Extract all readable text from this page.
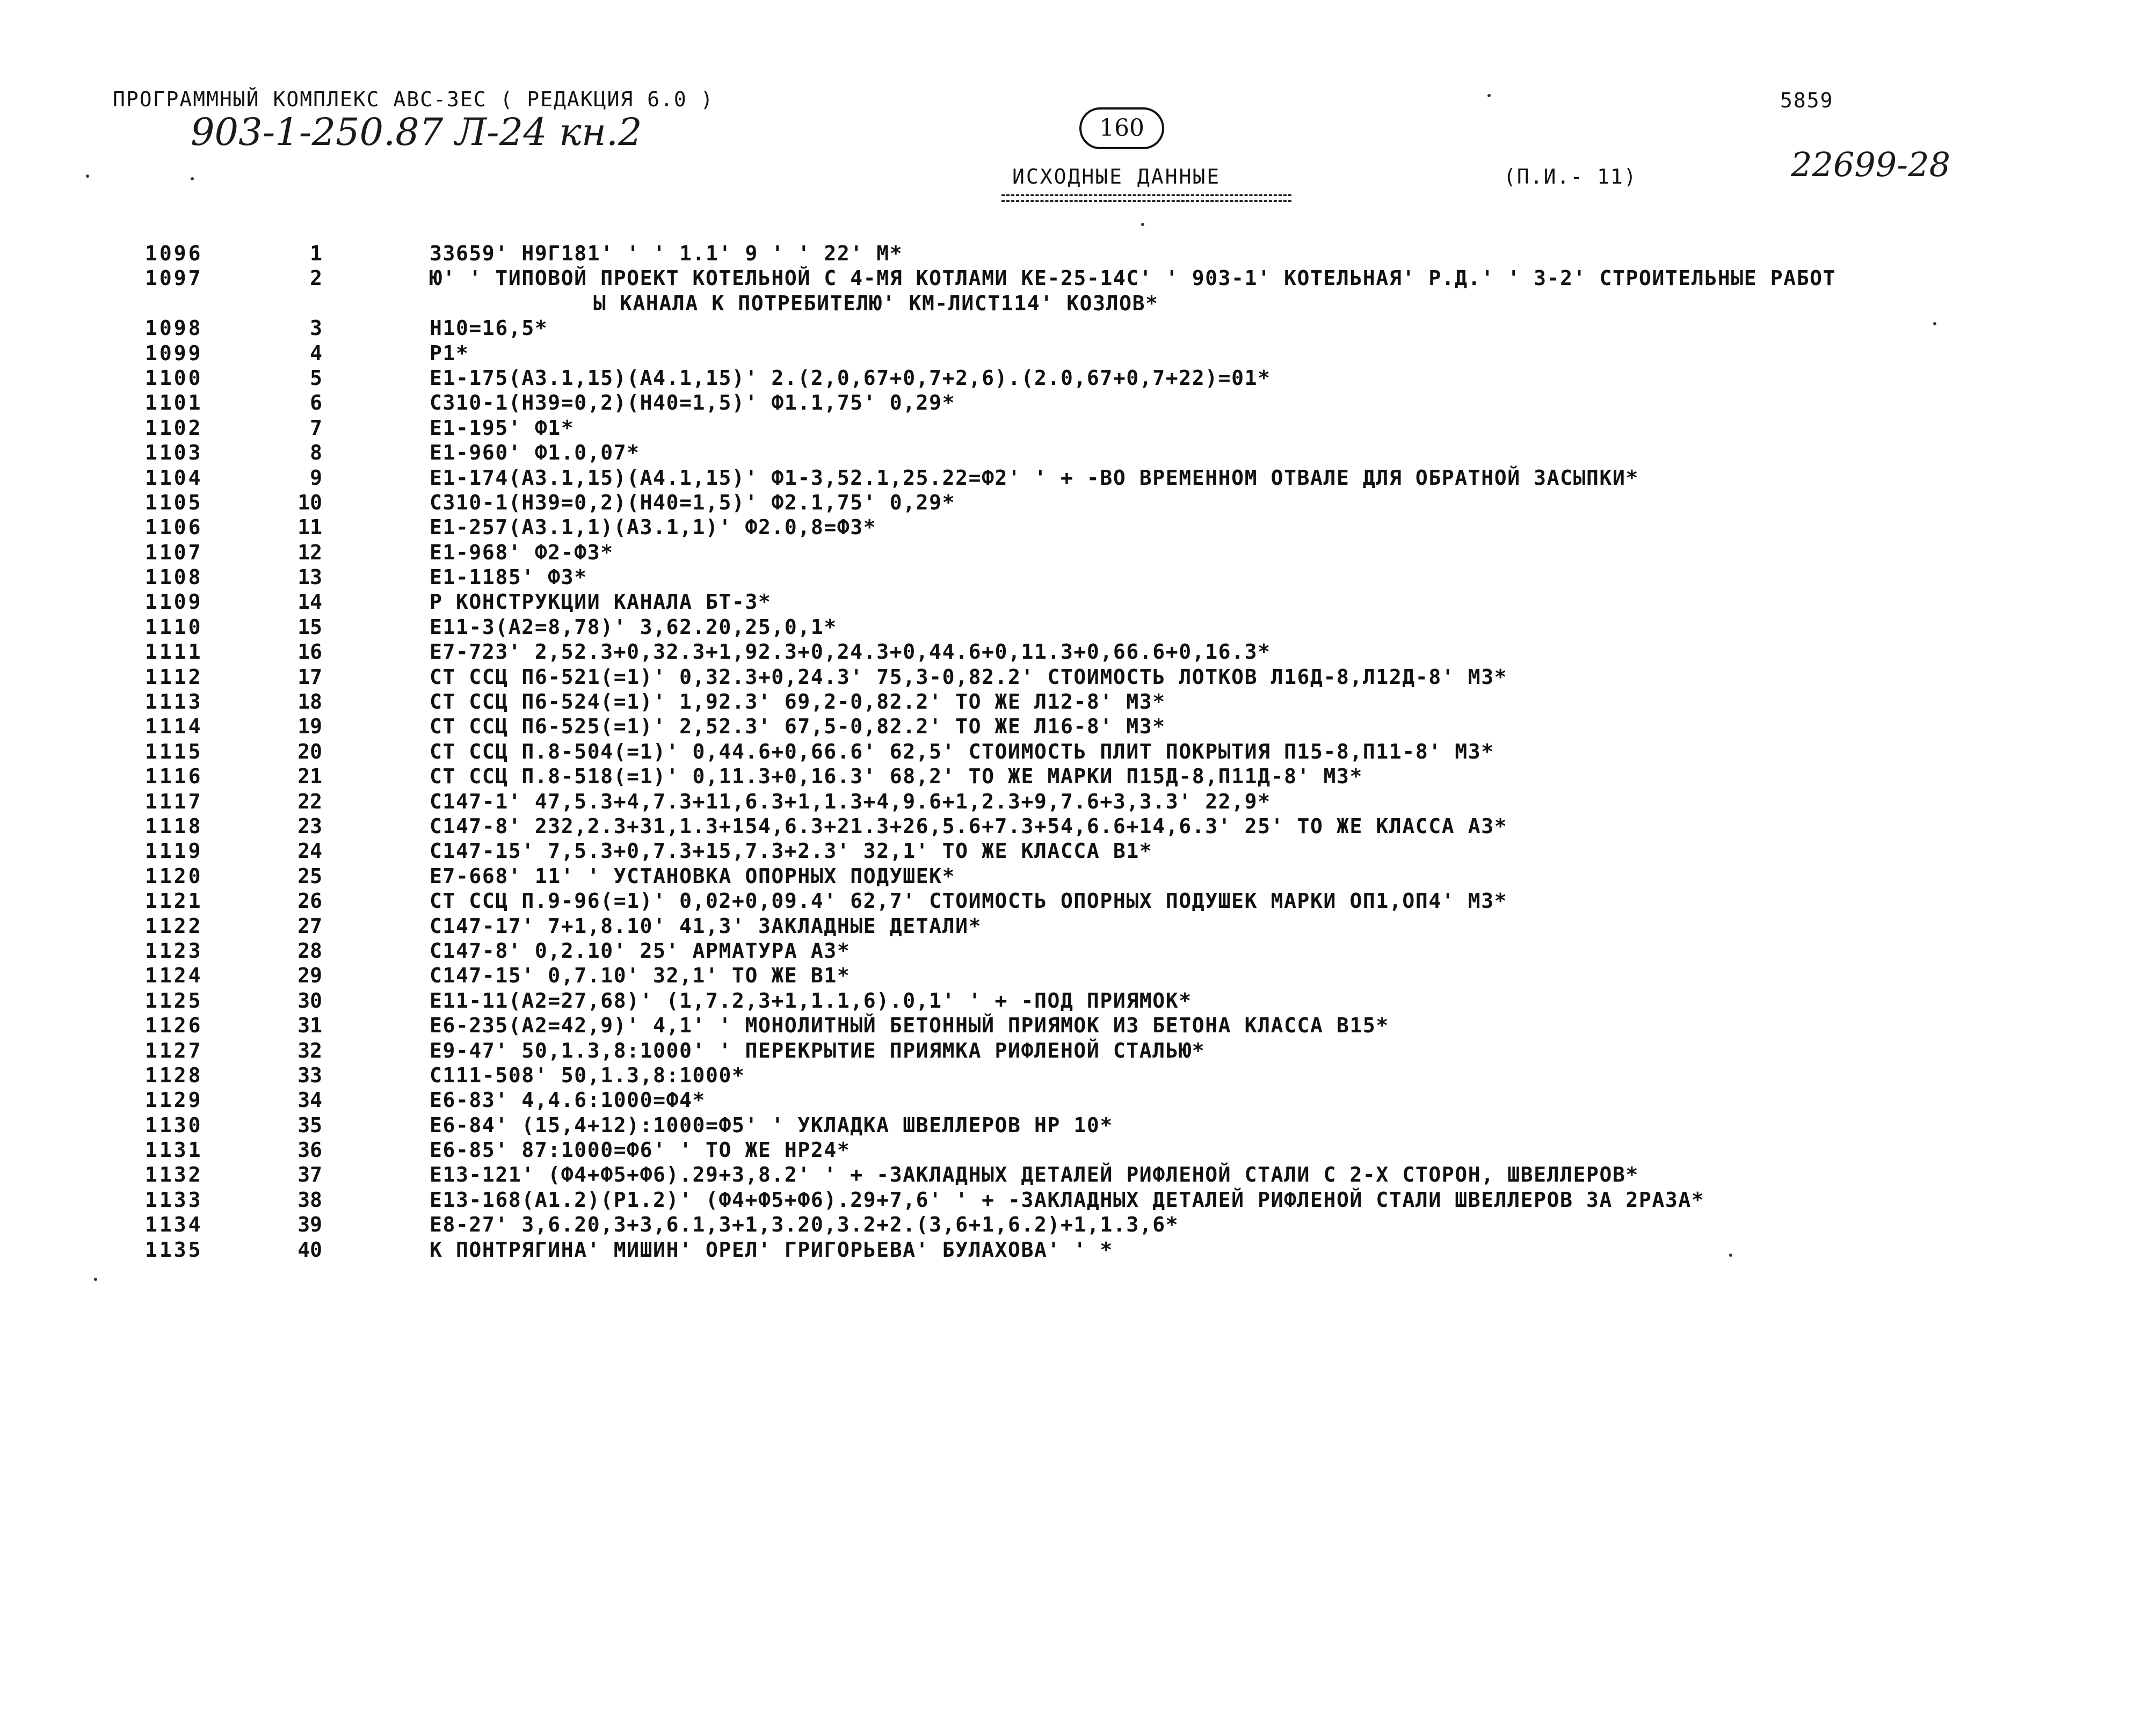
ПРОГРАММНЫЙ КОМПЛЕКС АВС-3ЕС ( РЕДАКЦИЯ 6.0 )
903-1-250.87 Л-24 кн.2	160
5859
22699-28
ИСХОДНЫЕ ДАННЫЕ	(П.И.- 11)
1096	1	33659' Н9Г181' ' ' 1.1' 9 ' ' 22' М*
1097	2	Ю' ' ТИПОВОЙ ПРОЕКТ КОТЕЛЬНОЙ С 4-МЯ КОТЛАМИ КЕ-25-14С' ' 903-1' КОТЕЛЬНАЯ' Р.Д.' ' 3-2' СТРОИТЕЛЬНЫЕ РАБОТ
Ы КАНАЛА К ПОТРЕБИТЕЛЮ' КМ-ЛИСТ114' КОЗЛОВ*
1098	3	Н10=16,5*
1099	4	Р1*
1100	5	Е1-175(А3.1,15)(А4.1,15)' 2.(2,0,67+0,7+2,6).(2.0,67+0,7+22)=01*
1101	6	С310-1(Н39=0,2)(Н40=1,5)' Ф1.1,75' 0,29*
1102	7	Е1-195' Ф1*
1103	8	Е1-960' Ф1.0,07*
1104	9	Е1-174(А3.1,15)(А4.1,15)' Ф1-3,52.1,25.22=Ф2' ' + -ВО ВРЕМЕННОМ ОТВАЛЕ ДЛЯ ОБРАТНОЙ ЗАСЫПКИ*
1105	10	С310-1(Н39=0,2)(Н40=1,5)' Ф2.1,75' 0,29*
1106	11	Е1-257(А3.1,1)(А3.1,1)' Ф2.0,8=Ф3*
1107	12	Е1-968' Ф2-Ф3*
1108	13	Е1-1185' Ф3*
1109	14	Р КОНСТРУКЦИИ КАНАЛА БТ-3*
1110	15	Е11-3(А2=8,78)' 3,62.20,25,0,1*
1111	16	Е7-723' 2,52.3+0,32.3+1,92.3+0,24.3+0,44.6+0,11.3+0,66.6+0,16.3*
1112	17	СТ ССЦ П6-521(=1)' 0,32.3+0,24.3' 75,3-0,82.2' СТОИМОСТЬ ЛОТКОВ Л16Д-8,Л12Д-8' М3*
1113	18	СТ ССЦ П6-524(=1)' 1,92.3' 69,2-0,82.2' ТО ЖЕ Л12-8' М3*
1114	19	СТ ССЦ П6-525(=1)' 2,52.3' 67,5-0,82.2' ТО ЖЕ Л16-8' М3*
1115	20	СТ ССЦ П.8-504(=1)' 0,44.6+0,66.6' 62,5' СТОИМОСТЬ ПЛИТ ПОКРЫТИЯ П15-8,П11-8' М3*
1116	21	СТ ССЦ П.8-518(=1)' 0,11.3+0,16.3' 68,2' ТО ЖЕ МАРКИ П15Д-8,П11Д-8' М3*
1117	22	С147-1' 47,5.3+4,7.3+11,6.3+1,1.3+4,9.6+1,2.3+9,7.6+3,3.3' 22,9*
1118	23	С147-8' 232,2.3+31,1.3+154,6.3+21.3+26,5.6+7.3+54,6.6+14,6.3' 25' ТО ЖЕ КЛАССА А3*
1119	24	С147-15' 7,5.3+0,7.3+15,7.3+2.3' 32,1' ТО ЖЕ КЛАССА В1*
1120	25	Е7-668' 11' ' УСТАНОВКА ОПОРНЫХ ПОДУШЕК*
1121	26	СТ ССЦ П.9-96(=1)' 0,02+0,09.4' 62,7' СТОИМОСТЬ ОПОРНЫХ ПОДУШЕК МАРКИ ОП1,ОП4' М3*
1122	27	С147-17' 7+1,8.10' 41,3' ЗАКЛАДНЫЕ ДЕТАЛИ*
1123	28	С147-8' 0,2.10' 25' АРМАТУРА А3*
1124	29	С147-15' 0,7.10' 32,1' ТО ЖЕ В1*
1125	30	Е11-11(А2=27,68)' (1,7.2,3+1,1.1,6).0,1' ' + -ПОД ПРИЯМОК*
1126	31	Е6-235(А2=42,9)' 4,1' ' МОНОЛИТНЫЙ БЕТОННЫЙ ПРИЯМОК ИЗ БЕТОНА КЛАССА В15*
1127	32	Е9-47' 50,1.3,8:1000' ' ПЕРЕКРЫТИЕ ПРИЯМКА РИФЛЕНОЙ СТАЛЬЮ*
1128	33	С111-508' 50,1.3,8:1000*
1129	34	Е6-83' 4,4.6:1000=Ф4*
1130	35	Е6-84' (15,4+12):1000=Ф5' ' УКЛАДКА ШВЕЛЛЕРОВ НР 10*
1131	36	Е6-85' 87:1000=Ф6' ' ТО ЖЕ НР24*
1132	37	Е13-121' (Ф4+Ф5+Ф6).29+3,8.2' ' + -ЗАКЛАДНЫХ ДЕТАЛЕЙ РИФЛЕНОЙ СТАЛИ С 2-Х СТОРОН, ШВЕЛЛЕРОВ*
1133	38	Е13-168(А1.2)(Р1.2)' (Ф4+Ф5+Ф6).29+7,6' ' + -ЗАКЛАДНЫХ ДЕТАЛЕЙ РИФЛЕНОЙ СТАЛИ ШВЕЛЛЕРОВ ЗА 2РАЗА*
1134	39	Е8-27' 3,6.20,3+3,6.1,3+1,3.20,3.2+2.(3,6+1,6.2)+1,1.3,6*
1135	40	К ПОНТРЯГИНА' МИШИН' ОРЕЛ' ГРИГОРЬЕВА' БУЛАХОВА' ' *
